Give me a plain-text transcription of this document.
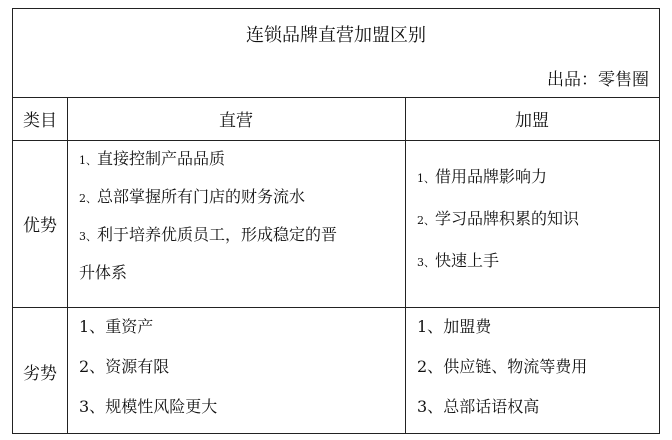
连锁品牌直营加盟区别
出品：零售圈
类目	直营	加盟
优势
1、直接控制产品品质
2、总部掌握所有门店的财务流水
3、利于培养优质员工，形成稳定的晋
升体系
1、借用品牌影响力
2、学习品牌积累的知识
3、快速上手
劣势
1、重资产
2、资源有限
3、规模性风险更大
1、加盟费
2、供应链、物流等费用
3、总部话语权高
